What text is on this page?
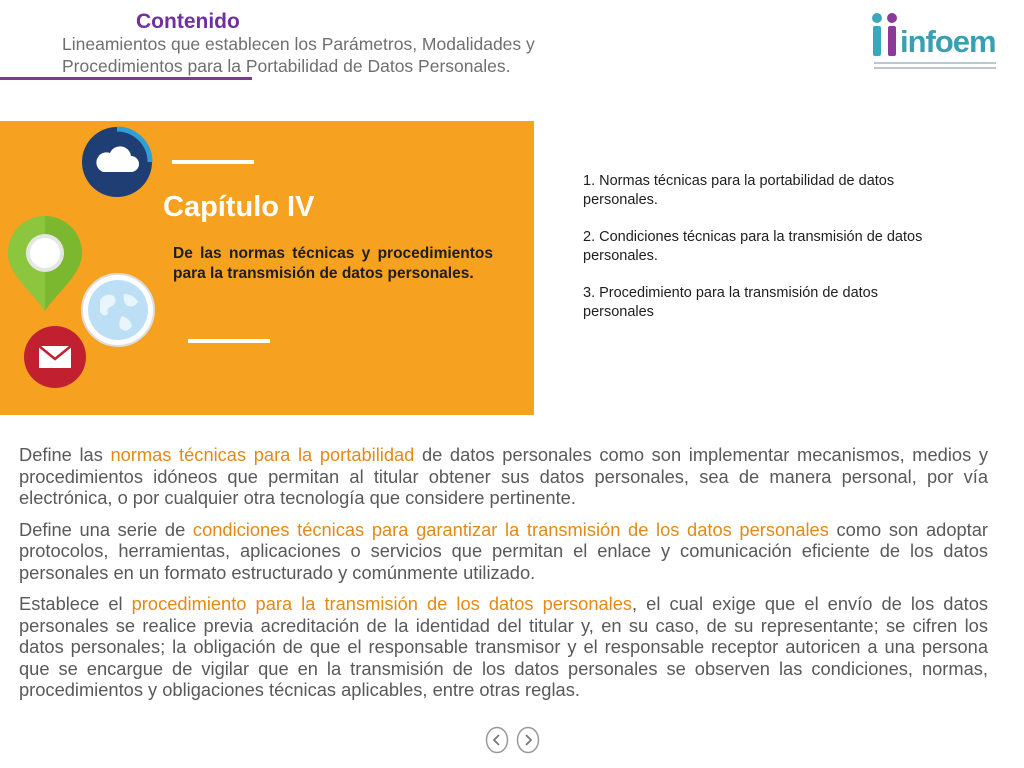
Contenido
Lineamientos que establecen los Parámetros, Modalidades y Procedimientos para la Portabilidad de Datos Personales.
infoem
Capítulo IV
De las normas técnicas y procedimientos para la transmisión de datos personales.
1. Normas técnicas para la portabilidad de datos personales.
2. Condiciones técnicas para la transmisión de datos personales.
3. Procedimiento para la transmisión de datos personales

Define las normas técnicas para la portabilidad de datos personales como son implementar mecanismos, medios y procedimientos idóneos que permitan al titular obtener sus datos personales, sea de manera personal, por vía electrónica, o por cualquier otra tecnología que considere pertinente.

Define una serie de condiciones técnicas para garantizar la transmisión de los datos personales como son adoptar protocolos, herramientas, aplicaciones o servicios que permitan el enlace y comunicación eficiente de los datos personales en un formato estructurado y comúnmente utilizado.

Establece el procedimiento para la transmisión de los datos personales, el cual exige que el envío de los datos personales se realice previa acreditación de la identidad del titular y, en su caso, de su representante; se cifren los datos personales; la obligación de que el responsable transmisor y el responsable receptor autoricen a una persona que se encargue de vigilar que en la transmisión de los datos personales se observen las condiciones, normas, procedimientos y obligaciones técnicas aplicables, entre otras reglas.
